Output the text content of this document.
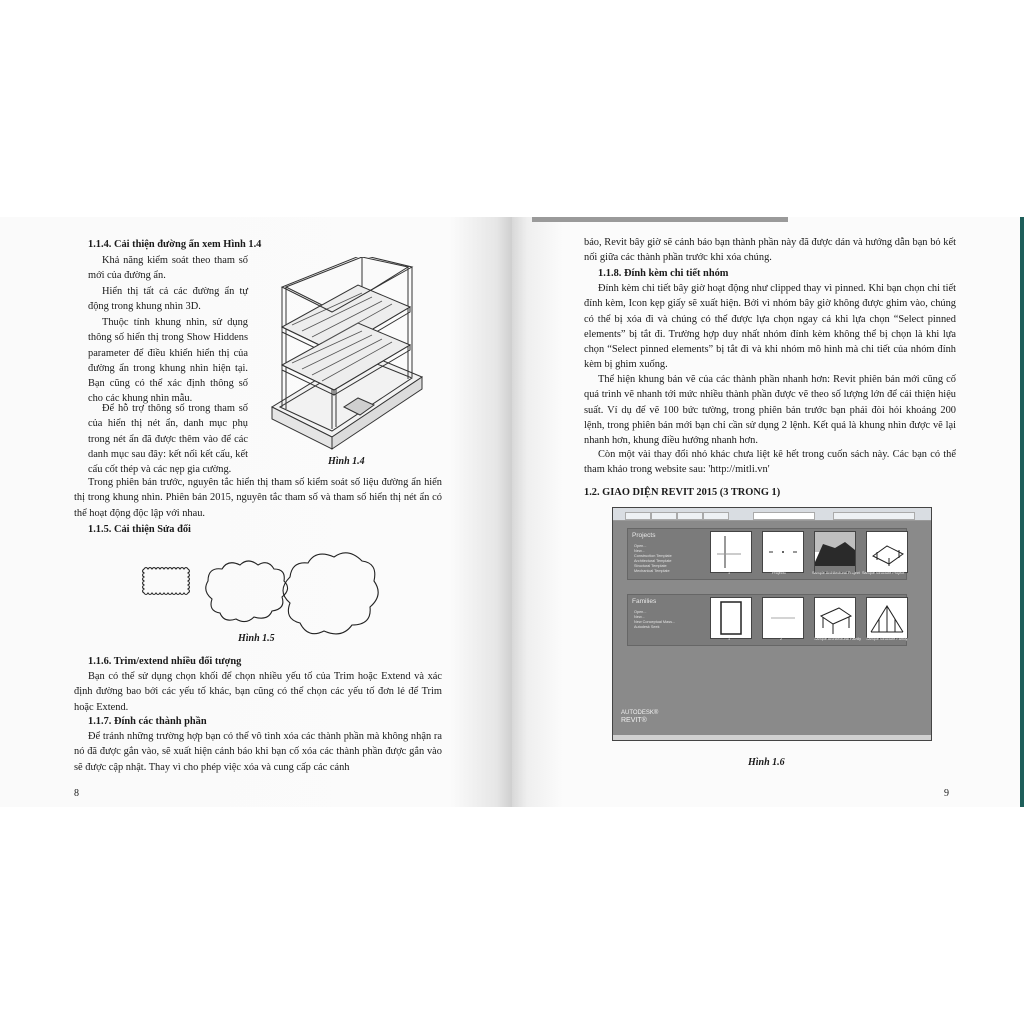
1.1.4. Cải thiện đường ẩn xem Hình 1.4

Khả năng kiểm soát theo tham số mới của đường ẩn.

Hiển thị tất cả các đường ẩn tự động trong khung nhìn 3D.

Thuộc tính khung nhìn, sử dụng thông số hiển thị trong Show Hiddens parameter để điều khiển hiển thị của đường ẩn trong khung nhìn hiện tại. Bạn cũng có thể xác định thông số cho các khung nhìn mẫu.

Để hỗ trợ thông số trong tham số của hiển thị nét ẩn, danh mục phụ trong nét ẩn đã được thêm vào để các danh mục sau đây: kết nối kết cấu, kết cấu cốt thép và các nẹp gia cường.

Hình 1.4

Trong phiên bản trước, nguyên tắc hiển thị tham số kiểm soát số liệu đường ẩn hiển thị trong khung nhìn. Phiên bản 2015, nguyên tắc tham số và tham số hiển thị nét ẩn có thể hoạt động độc lập với nhau.

1.1.5. Cải thiện Sửa đổi

Hình 1.5

1.1.6. Trim/extend nhiều đối tượng

Bạn có thể sử dụng chọn khối để chọn nhiều yếu tố của Trim hoặc Extend và xác định đường bao bởi các yếu tố khác, bạn cũng có thể chọn các yếu tố đơn lẻ để Trim hoặc Extend.

1.1.7. Đính các thành phần

Để tránh những trường hợp bạn có thể vô tình xóa các thành phần mà không nhận ra nó đã được gắn vào, sẽ xuất hiện cảnh báo khi bạn cố xóa các thành phần được gắn vào sẽ được cập nhật. Thay vì cho phép việc xóa và cung cấp các cảnh

8

báo, Revit bây giờ sẽ cảnh báo bạn thành phần này đã được dán và hướng dẫn bạn bỏ kết nối giữa các thành phần trước khi xóa chúng.

1.1.8. Đính kèm chi tiết nhóm

Đính kèm chi tiết bây giờ hoạt động như clipped thay vì pinned. Khi bạn chọn chi tiết đính kèm, Icon kẹp giấy sẽ xuất hiện. Bởi vì nhóm bây giờ không được ghim vào, chúng có thể bị xóa đi và chúng có thể được lựa chọn ngay cả khi lựa chọn “Select pinned elements” bị tắt đi. Trường hợp duy nhất nhóm đính kèm không thể bị chọn là khi lựa chọn “Select pinned elements” bị tắt đi và khi nhóm mô hình mà chi tiết của nhóm đính kèm bị ghim xuống.

Thể hiện khung bản vẽ của các thành phần nhanh hơn: Revit phiên bản mới cũng cố quá trình vẽ nhanh tới mức nhiều thành phần được vẽ theo số lượng lớn để cải thiện hiệu suất. Ví dụ để vẽ 100 bức tường, trong phiên bản trước bạn phải đòi hỏi khoảng 200 lệnh, trong phiên bản mới bạn chỉ cần sử dụng 2 lệnh. Kết quả là khung nhìn được vẽ lại nhanh hơn, khung điều hướng nhanh hơn.

Còn một vài thay đổi nhỏ khác chưa liệt kê hết trong cuốn sách này. Các bạn có thể tham khảo trong website sau: 'http://mitli.vn'

1.2. GIAO DIỆN REVIT 2015 (3 TRONG 1)

Projects
Open...
New...
Construction Template
Architectural Template
Structural Template
Mechanical Template	1	Project1	Sample Architectural Project Sample Structure Project
Families
Open...
New...
New Conceptual Mass...
Autodesk Seek
1	2	Sample Architectural Family Sample Structure Family
AUTODESK®
REVIT®
Hình 1.6
9
